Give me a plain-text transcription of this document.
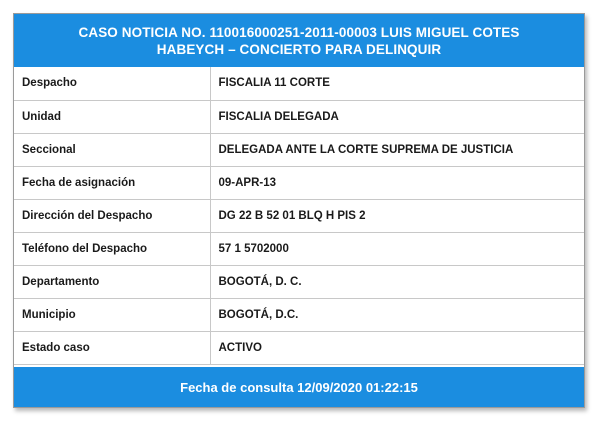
CASO NOTICIA NO. 110016000251-2011-00003 LUIS MIGUEL COTES
HABEYCH – CONCIERTO PARA DELINQUIR
Despacho	FISCALIA 11 CORTE
Unidad	FISCALIA DELEGADA
Seccional	DELEGADA ANTE LA CORTE SUPREMA DE JUSTICIA
Fecha de asignación	09-APR-13
Dirección del Despacho	DG 22 B 52 01 BLQ H PIS 2
Teléfono del Despacho	57 1 5702000
Departamento	BOGOTÁ, D. C.
Municipio	BOGOTÁ, D.C.
Estado caso	ACTIVO
Fecha de consulta 12/09/2020 01:22:15
